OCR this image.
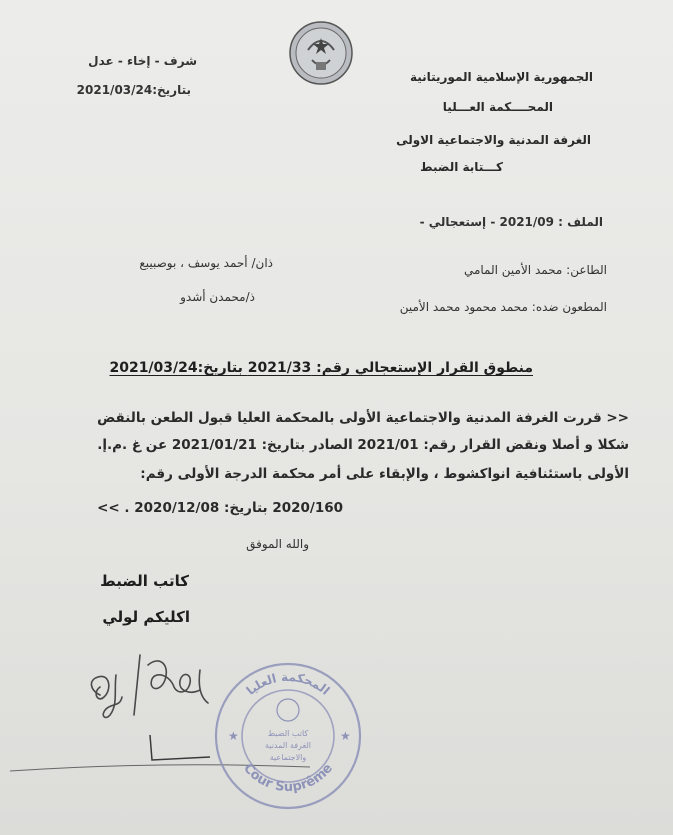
شرف - إخاء - عدل
بتاريخ:2021/03/24
الجمهورية الإسلامية الموريتانية
المحــــكمة العـــليا
الغرفة المدنية والاجتماعية الاولى
كـــتابة الضبط
الملف : 2021/09 - إستعجالي -
الطاعن: محمد الأمين المامي
ذان/ أحمد يوسف ، بوصبيبع
المطعون ضده: محمد محمود محمد الأمين
ذ/محمدن أشدو
منطوق القرار الإستعجالي رقم: 2021/33 بتاريخ:2021/03/24
<< قررت الغرفة المدنية والاجتماعية الأولى بالمحكمة العليا قبول الطعن بالنقض
شكلا و أصلا ونقض القرار رقم: 2021/01 الصادر بتاريخ: 2021/01/21 عن غ .م.إ.
الأولى باستئنافية انواكشوط ، والإبقاء على أمر محكمة الدرجة الأولى رقم:
2020/160 بتاريخ: 2020/12/08 . >>
والله الموفق
كاتب الضبط
اكليكم لولي
المحكمة العليا
Cour Suprême
كاتب الضبط
الغرفة المدنية
والاجتماعية
★	★
